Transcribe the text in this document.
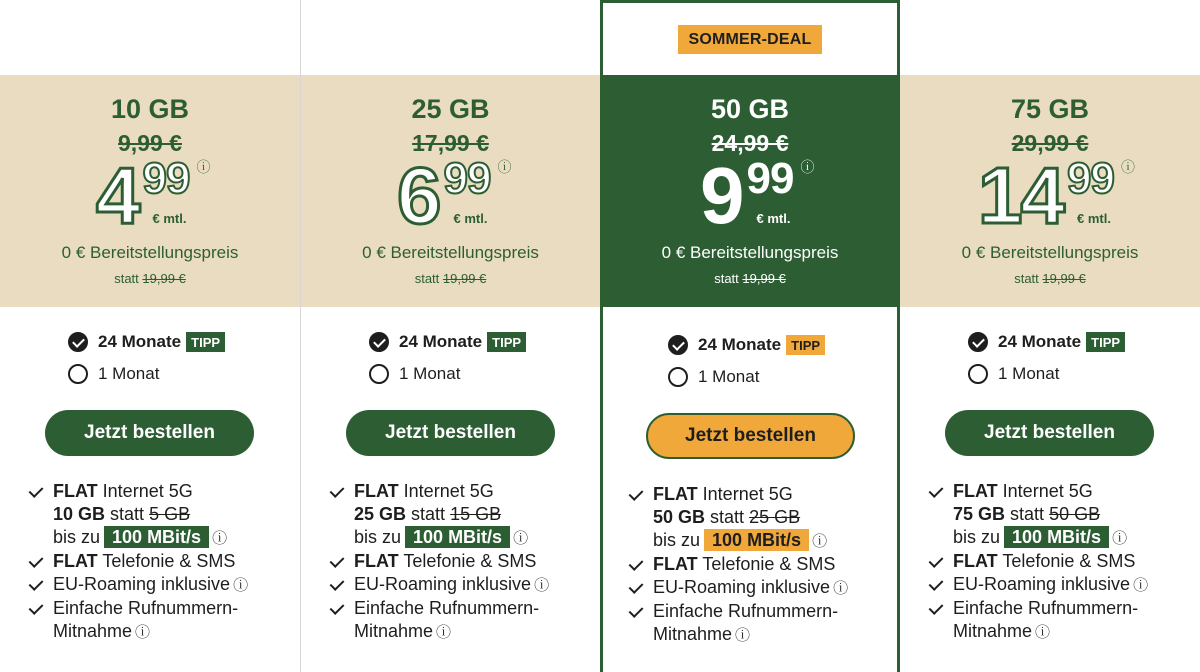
10 GB
9,99 €
4 99 ⓘ
€ mtl.
0 € Bereitstellungspreis
statt 19,99 €
24 Monate TIPP
1 Monat
Jetzt bestellen
FLAT Internet 5G
10 GB statt 5 GB
bis zu 100 MBit/s ⓘ
FLAT Telefonie & SMS
EU-Roaming inklusive ⓘ
Einfache Rufnummern-
Mitnahme ⓘ
25 GB
17,99 €
6 99 ⓘ
€ mtl.
0 € Bereitstellungspreis
statt 19,99 €
24 Monate TIPP
1 Monat
Jetzt bestellen
FLAT Internet 5G
25 GB statt 15 GB
bis zu 100 MBit/s ⓘ
FLAT Telefonie & SMS
EU-Roaming inklusive ⓘ
Einfache Rufnummern-
Mitnahme ⓘ
SOMMER-DEAL
50 GB
24,99 €
9 99 ⓘ
€ mtl.
0 € Bereitstellungspreis
statt 19,99 €
24 Monate TIPP
1 Monat
Jetzt bestellen
FLAT Internet 5G
50 GB statt 25 GB
bis zu 100 MBit/s ⓘ
FLAT Telefonie & SMS
EU-Roaming inklusive ⓘ
Einfache Rufnummern-
Mitnahme ⓘ
75 GB
29,99 €
14 99 ⓘ
€ mtl.
0 € Bereitstellungspreis
statt 19,99 €
24 Monate TIPP
1 Monat
Jetzt bestellen
FLAT Internet 5G
75 GB statt 50 GB
bis zu 100 MBit/s ⓘ
FLAT Telefonie & SMS
EU-Roaming inklusive ⓘ
Einfache Rufnummern-
Mitnahme ⓘ
